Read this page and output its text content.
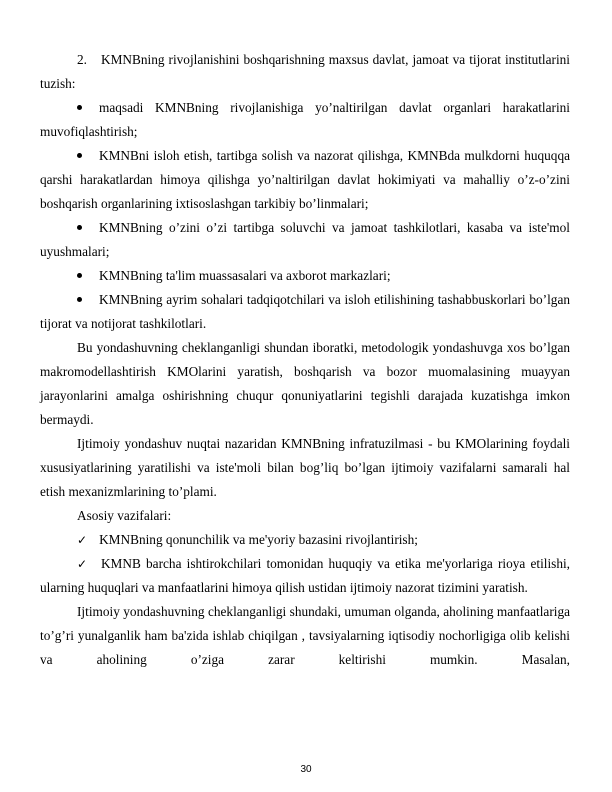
2. KMNBning rivojlanishini boshqarishning maxsus davlat, jamoat va tijorat institutlarini tuzish:

maqsadi KMNBning rivojlanishiga yo’naltirilgan davlat organlari harakatlarini muvofiqlashtirish;

KMNBni isloh etish, tartibga solish va nazorat qilishga, KMNBda mulkdorni huquqqa qarshi harakatlardan himoya qilishga yo’naltirilgan davlat hokimiyati va mahalliy o’z-o’zini boshqarish organlarining ixtisoslashgan tarkibiy bo’linmalari;

KMNBning o’zini o’zi tartibga soluvchi va jamoat tashkilotlari, kasaba va iste'mol uyushmalari;

KMNBning ta'lim muassasalari va axborot markazlari;

KMNBning ayrim sohalari tadqiqotchilari va isloh etilishining tashabbuskorlari bo’lgan tijorat va notijorat tashkilotlari.

Bu yondashuvning cheklanganligi shundan iboratki, metodologik yondashuvga xos bo’lgan makromodellashtirish KMOlarini yaratish, boshqarish va bozor muomalasining muayyan jarayonlarini amalga oshirishning chuqur qonuniyatlarini tegishli darajada kuzatishga imkon bermaydi.

Ijtimoiy yondashuv nuqtai nazaridan KMNBning infratuzilmasi - bu KMOlarining foydali xususiyatlarining yaratilishi va iste'moli bilan bog’liq bo’lgan ijtimoiy vazifalarni samarali hal etish mexanizmlarining to’plami.

Asosiy vazifalari:

✓ KMNBning qonunchilik va me'yoriy bazasini rivojlantirish;

✓ KMNB barcha ishtirokchilari tomonidan huquqiy va etika me'yorlariga rioya etilishi, ularning huquqlari va manfaatlarini himoya qilish ustidan ijtimoiy nazorat tizimini yaratish.

Ijtimoiy yondashuvning cheklanganligi shundaki, umuman olganda, aholining manfaatlariga to’g’ri yunalganlik ham ba'zida ishlab chiqilgan , tavsiyalarning iqtisodiy nochorligiga olib kelishi va aholining o’ziga zarar keltirishi mumkin. Masalan,

30
